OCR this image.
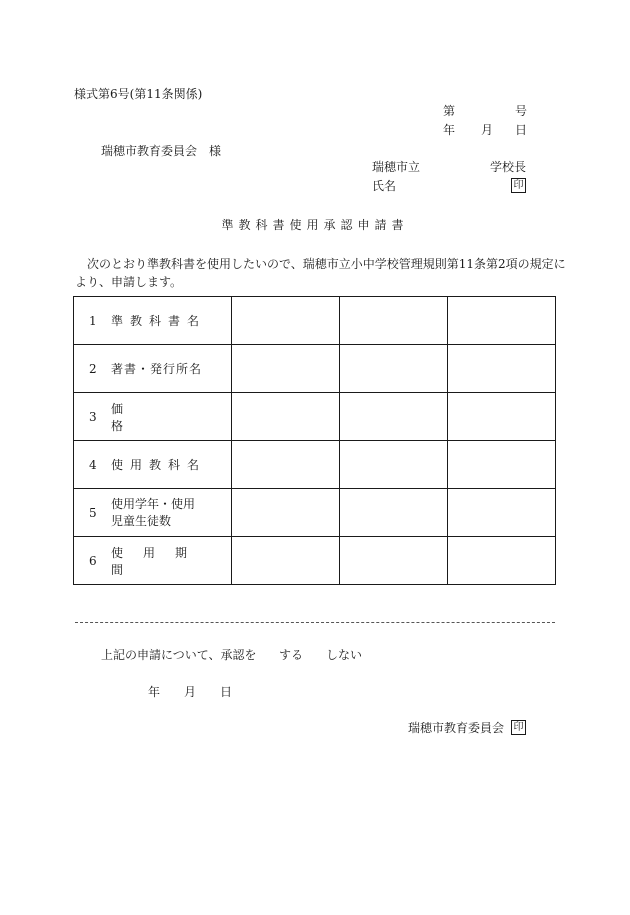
様式第6号(第11条関係)
第	号
年 月 日
瑞穂市教育委員会　様
瑞穂市立	学校長
氏名	印
準教科書使用承認申請書
次のとおり準教科書を使用したいので、瑞穂市立小中学校管理規則第11条第2項の規定に
より、申請します。
1 準教科書名			

2 著書・発行所名			

3
価格			

4 使用教科名			

5
使用学年・使用児童生徒数			

6
使用期間			

上記の申請について、承認を する しない
年 月 日
瑞穂市教育委員会 印
